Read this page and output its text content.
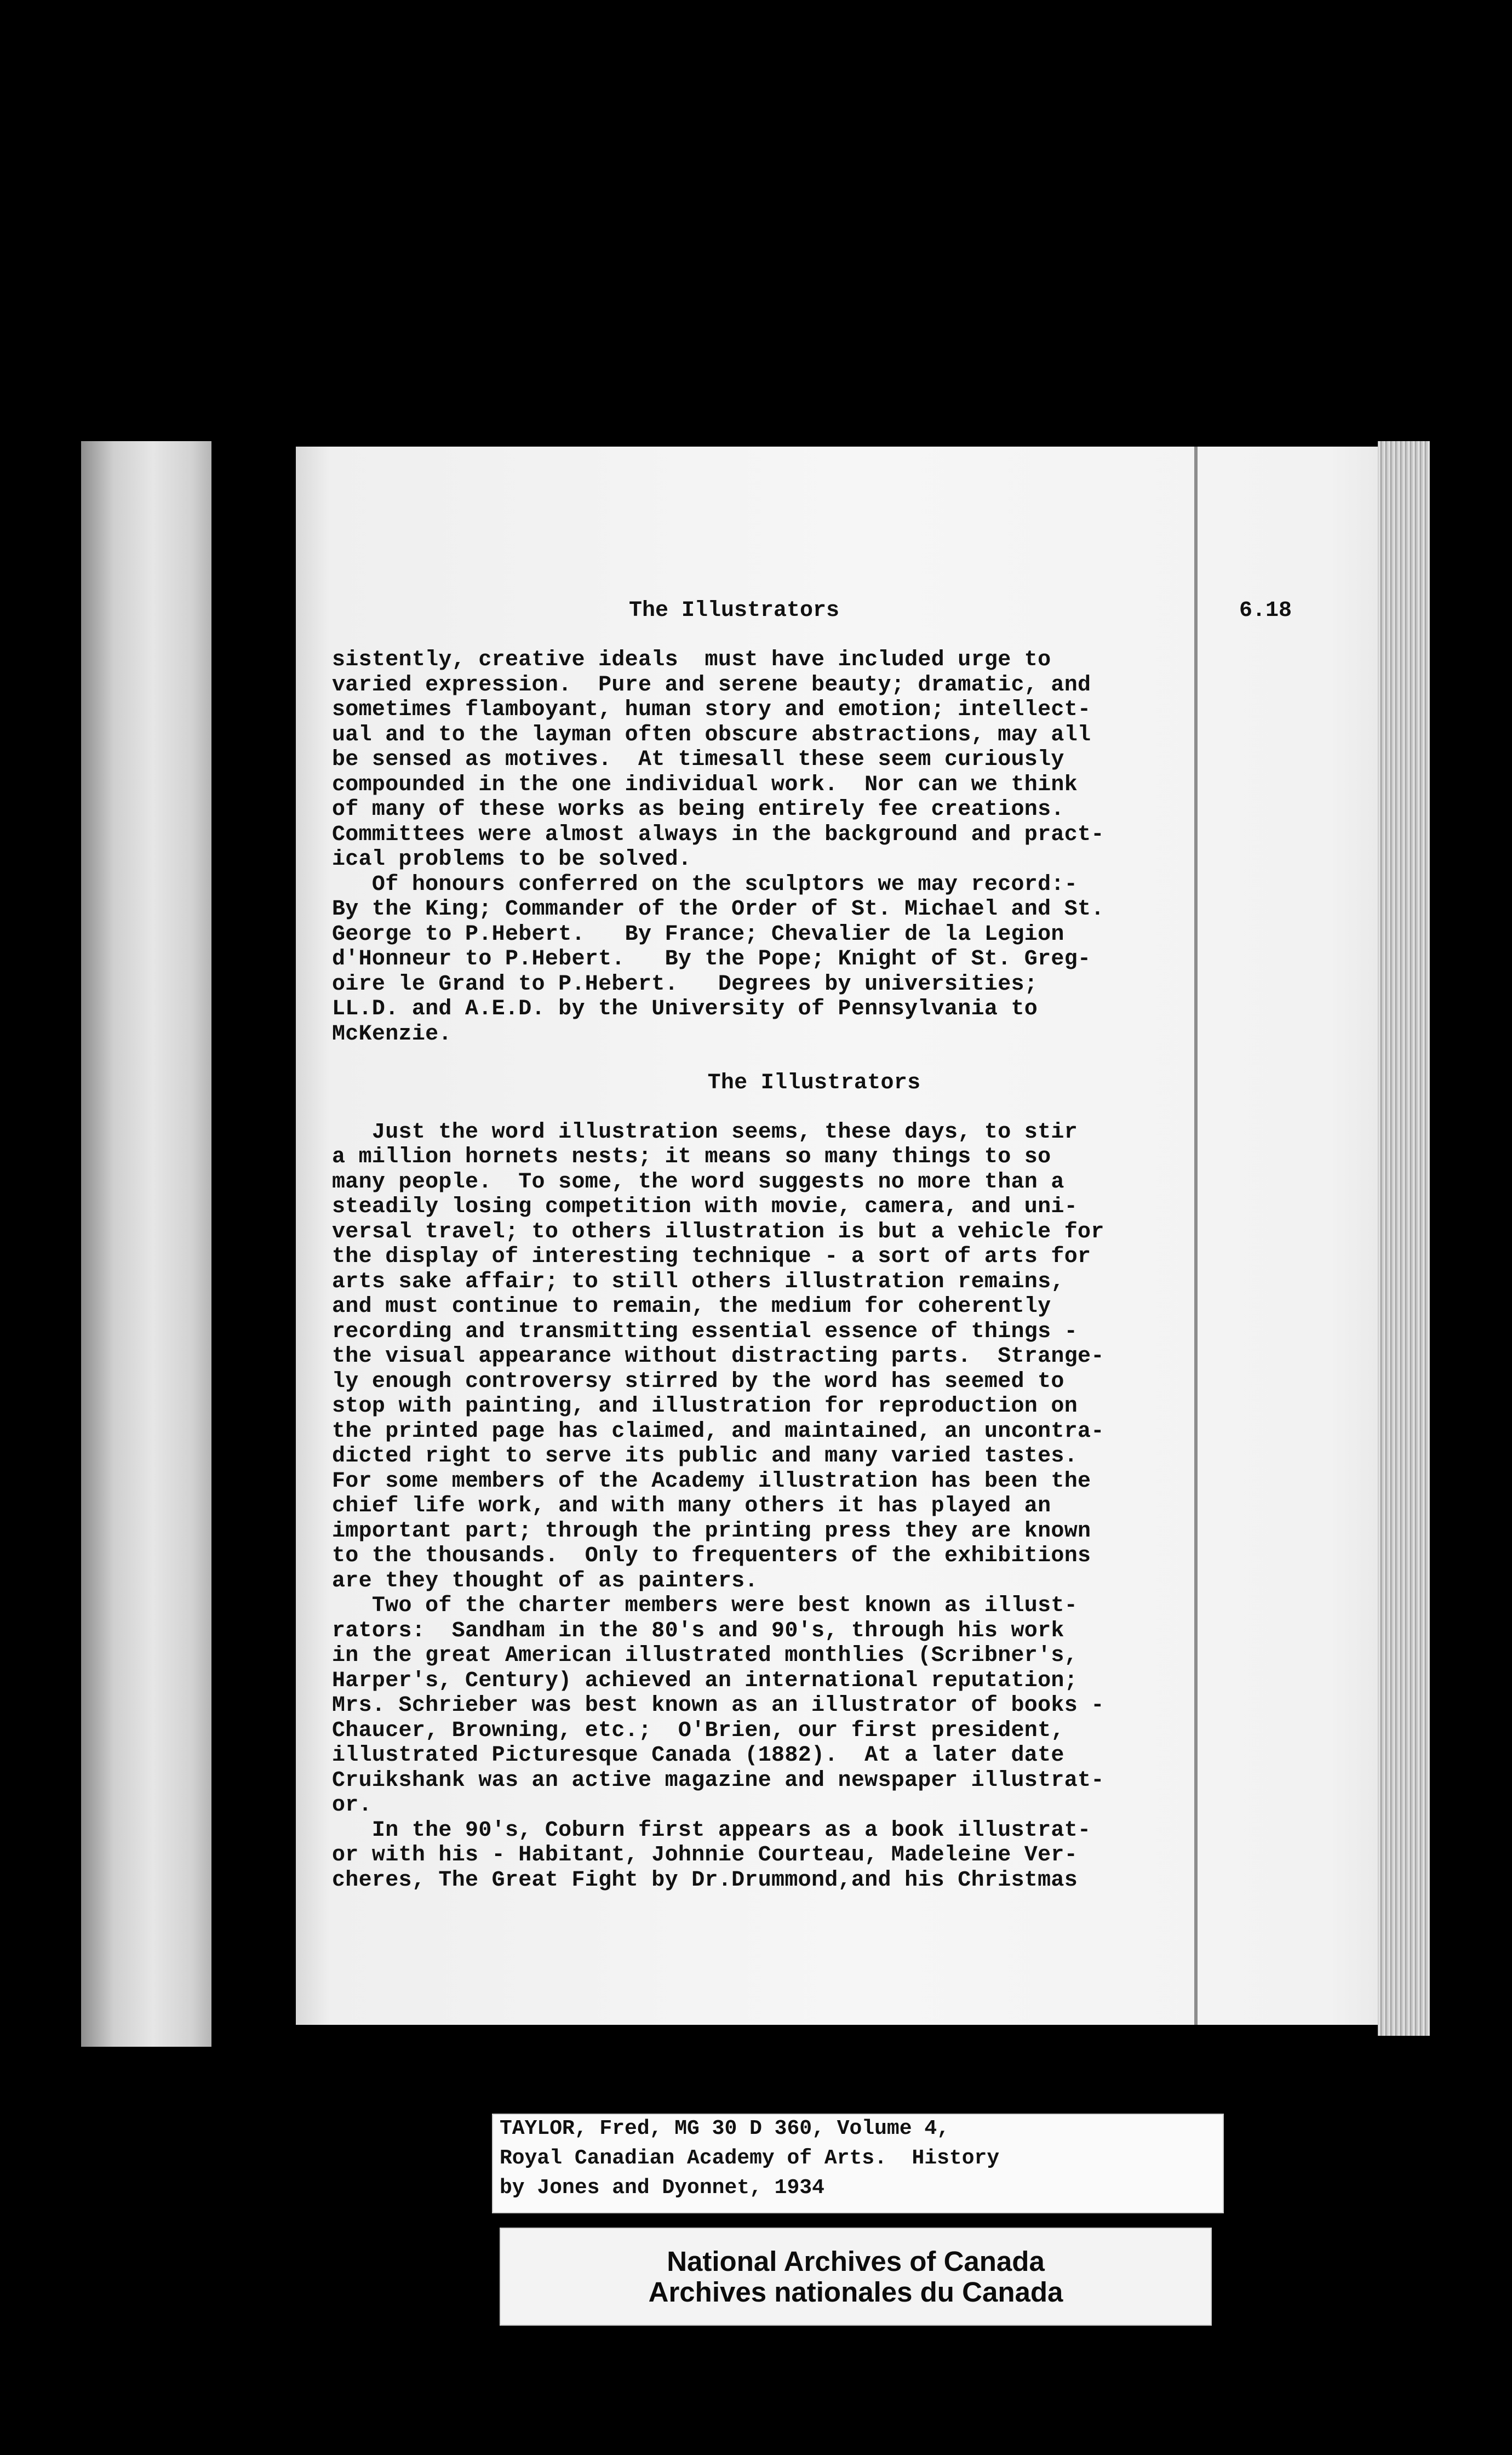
The Illustrators	6.18
sistently, creative ideals  must have included urge to
varied expression.  Pure and serene beauty; dramatic, and
sometimes flamboyant, human story and emotion; intellect-
ual and to the layman often obscure abstractions, may all
be sensed as motives.  At timesall these seem curiously
compounded in the one individual work.  Nor can we think
of many of these works as being entirely fee creations.
Committees were almost always in the background and pract-
ical problems to be solved.
Of honours conferred on the sculptors we may record:-
By the King; Commander of the Order of St. Michael and St.
George to P.Hebert.   By France; Chevalier de la Legion
d'Honneur to P.Hebert.   By the Pope; Knight of St. Greg-
oire le Grand to P.Hebert.   Degrees by universities;
LL.D. and A.E.D. by the University of Pennsylvania to
McKenzie.
The Illustrators
Just the word illustration seems, these days, to stir
a million hornets nests; it means so many things to so
many people.  To some, the word suggests no more than a
steadily losing competition with movie, camera, and uni-
versal travel; to others illustration is but a vehicle for
the display of interesting technique - a sort of arts for
arts sake affair; to still others illustration remains,
and must continue to remain, the medium for coherently
recording and transmitting essential essence of things -
the visual appearance without distracting parts.  Strange-
ly enough controversy stirred by the word has seemed to
stop with painting, and illustration for reproduction on
the printed page has claimed, and maintained, an uncontra-
dicted right to serve its public and many varied tastes.
For some members of the Academy illustration has been the
chief life work, and with many others it has played an
important part; through the printing press they are known
to the thousands.  Only to frequenters of the exhibitions
are they thought of as painters.
Two of the charter members were best known as illust-
rators:  Sandham in the 80's and 90's, through his work
in the great American illustrated monthlies (Scribner's,
Harper's, Century) achieved an international reputation;
Mrs. Schrieber was best known as an illustrator of books -
Chaucer, Browning, etc.;  O'Brien, our first president,
illustrated Picturesque Canada (1882).  At a later date
Cruikshank was an active magazine and newspaper illustrat-
or.
In the 90's, Coburn first appears as a book illustrat-
or with his - Habitant, Johnnie Courteau, Madeleine Ver-
cheres, The Great Fight by Dr.Drummond,and his Christmas
TAYLOR, Fred, MG 30 D 360, Volume 4,
Royal Canadian Academy of Arts.  History
by Jones and Dyonnet, 1934
National Archives of Canada
Archives nationales du Canada
